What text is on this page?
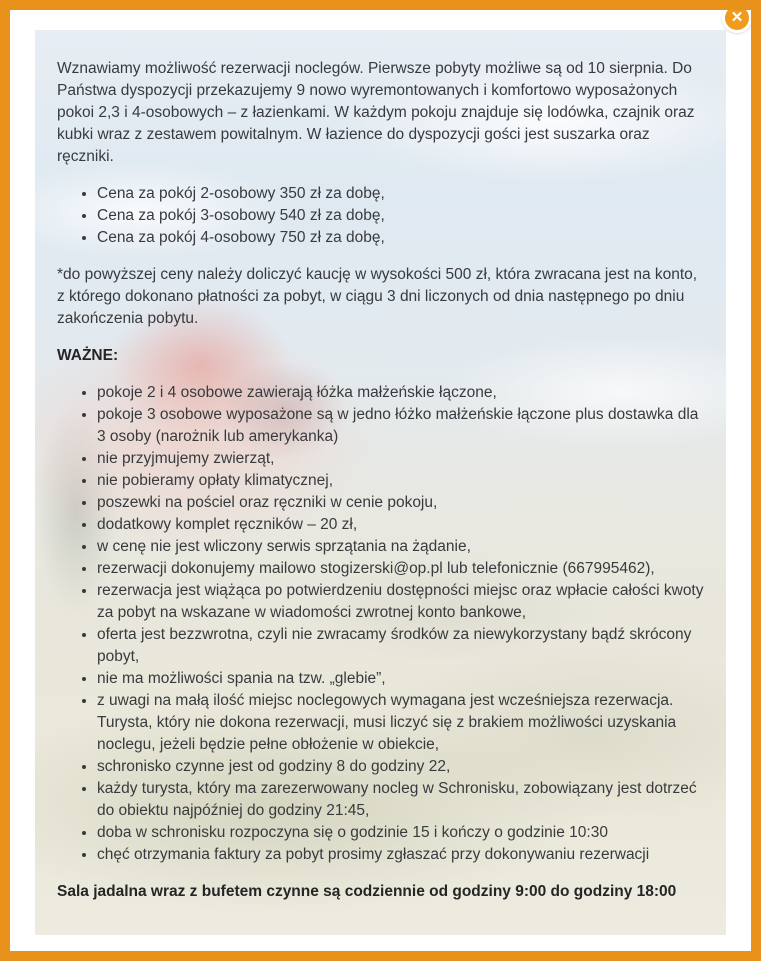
✕

Wznawiamy możliwość rezerwacji noclegów. Pierwsze pobyty możliwe są od 10 sierpnia. Do Państwa dyspozycji przekazujemy 9 nowo wyremontowanych i komfortowo wyposażonych pokoi 2,3 i 4-osobowych – z łazienkami. W każdym pokoju znajduje się lodówka, czajnik oraz kubki wraz z zestawem powitalnym. W łazience do dyspozycji gości jest suszarka oraz ręczniki.

• Cena za pokój 2-osobowy 350 zł za dobę,
• Cena za pokój 3-osobowy 540 zł za dobę,
• Cena za pokój 4-osobowy 750 zł za dobę,

*do powyższej ceny należy doliczyć kaucję w wysokości 500 zł, która zwracana jest na konto, z którego dokonano płatności za pobyt, w ciągu 3 dni liczonych od dnia następnego po dniu zakończenia pobytu.

WAŻNE:

• pokoje 2 i 4 osobowe zawierają łóżka małżeńskie łączone,
• pokoje 3 osobowe wyposażone są w jedno łóżko małżeńskie łączone plus dostawka dla 3 osoby (narożnik lub amerykanka)
• nie przyjmujemy zwierząt,
• nie pobieramy opłaty klimatycznej,
• poszewki na pościel oraz ręczniki w cenie pokoju,
• dodatkowy komplet ręczników – 20 zł,
• w cenę nie jest wliczony serwis sprzątania na żądanie,
• rezerwacji dokonujemy mailowo stogizerski@op.pl lub telefonicznie (667995462),
• rezerwacja jest wiążąca po potwierdzeniu dostępności miejsc oraz wpłacie całości kwoty za pobyt na wskazane w wiadomości zwrotnej konto bankowe,
• oferta jest bezzwrotna, czyli nie zwracamy środków za niewykorzystany bądź skrócony pobyt,
• nie ma możliwości spania na tzw. „glebie”,
• z uwagi na małą ilość miejsc noclegowych wymagana jest wcześniejsza rezerwacja. Turysta, który nie dokona rezerwacji, musi liczyć się z brakiem możliwości uzyskania noclegu, jeżeli będzie pełne obłożenie w obiekcie,
• schronisko czynne jest od godziny 8 do godziny 22,
• każdy turysta, który ma zarezerwowany nocleg w Schronisku, zobowiązany jest dotrzeć do obiektu najpóźniej do godziny 21:45,
• doba w schronisku rozpoczyna się o godzinie 15 i kończy o godzinie 10:30
• chęć otrzymania faktury za pobyt prosimy zgłaszać przy dokonywaniu rezerwacji

Sala jadalna wraz z bufetem czynne są codziennie od godziny 9:00 do godziny 18:00
